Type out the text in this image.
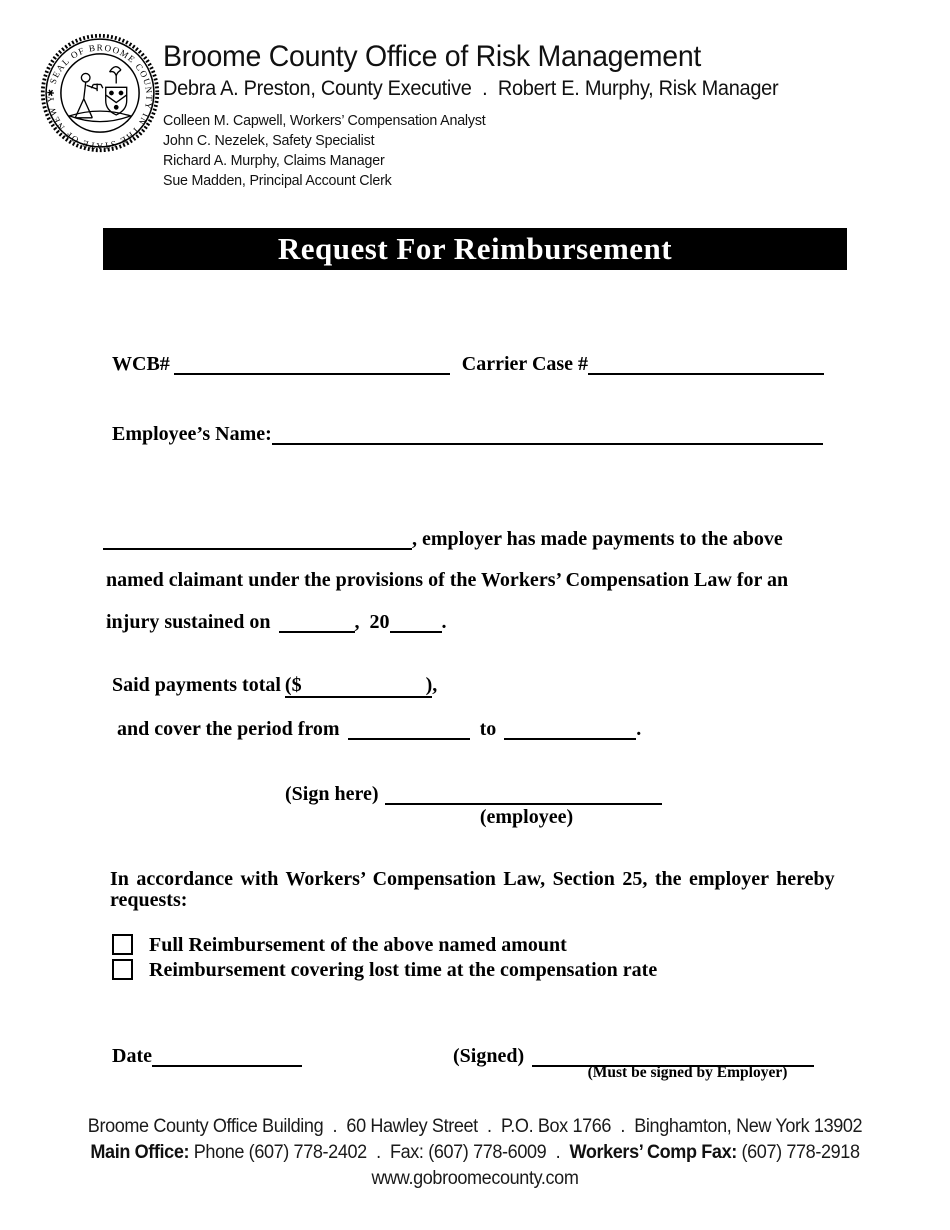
✱ SEAL OF BROOME COUNTY IN THE STATE OF NEW YORK
Broome County Office of Risk Management
Debra A. Preston, County Executive  .  Robert E. Murphy, Risk Manager
Colleen M. Capwell, Workers’ Compensation Analyst
John C. Nezelek, Safety Specialist
Richard A. Murphy, Claims Manager
Sue Madden, Principal Account Clerk
Request For Reimbursement
WCB#	Carrier Case #
Employee’s Name:
, employer has made payments to the above
named claimant under the provisions of the Workers’ Compensation Law for an
injury sustained on	,  20	.
Said payments total ($	),
and cover the period from	to	.
(Sign here)
(employee)
In accordance with Workers’ Compensation Law, Section 25, the employer hereby
requests:
Full Reimbursement of the above named amount
Reimbursement covering lost time at the compensation rate
Date	(Signed)
(Must be signed by Employer)
Broome County Office Building  .  60 Hawley Street  .  P.O. Box 1766  .  Binghamton, New York 13902
Main Office: Phone (607) 778-2402  .  Fax: (607) 778-6009  .  Workers’ Comp Fax: (607) 778-2918
www.gobroomecounty.com
